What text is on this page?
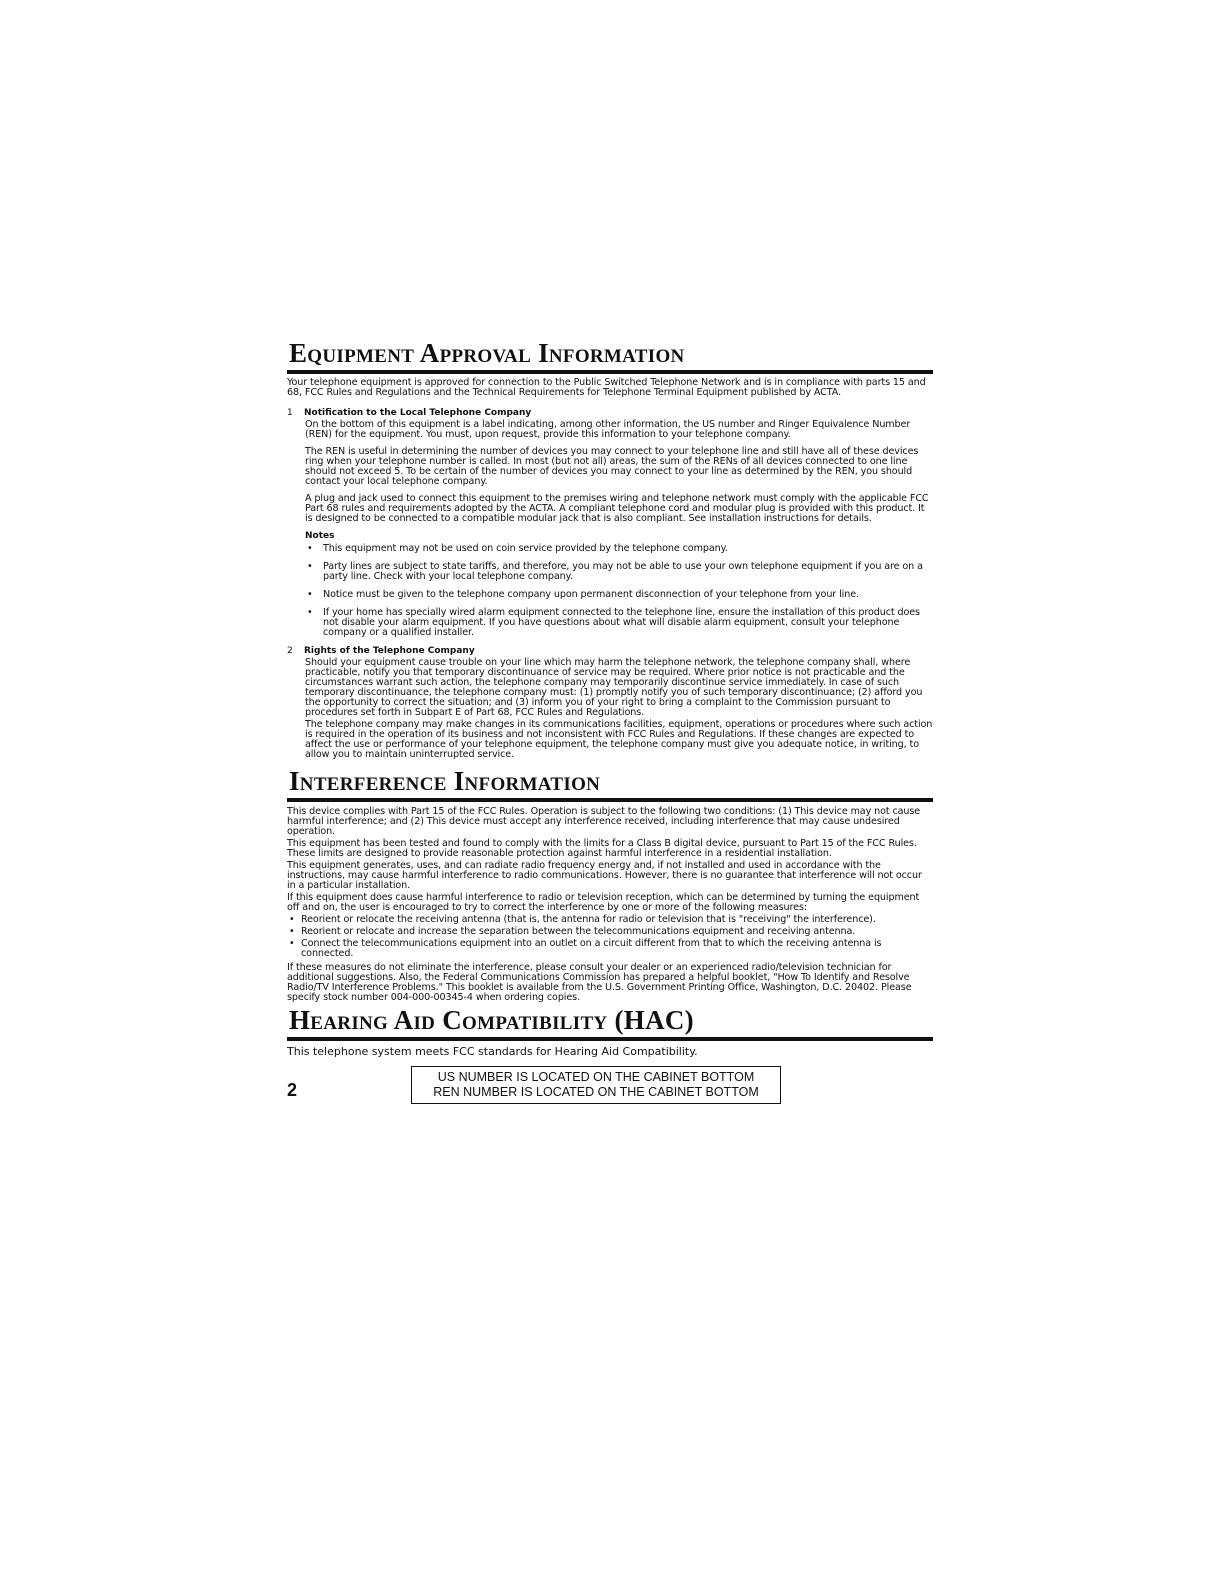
Equipment Approval Information

Your telephone equipment is approved for connection to the Public Switched Telephone Network and is in compliance with parts 15 and 68, FCC Rules and Regulations and the Technical Requirements for Telephone Terminal Equipment published by ACTA.

1 Notification to the Local Telephone Company

On the bottom of this equipment is a label indicating, among other information, the US number and Ringer Equivalence Number (REN) for the equipment. You must, upon request, provide this information to your telephone company.

The REN is useful in determining the number of devices you may connect to your telephone line and still have all of these devices ring when your telephone number is called. In most (but not all) areas, the sum of the RENs of all devices connected to one line should not exceed 5. To be certain of the number of devices you may connect to your line as determined by the REN, you should contact your local telephone company.

A plug and jack used to connect this equipment to the premises wiring and telephone network must comply with the applicable FCC Part 68 rules and requirements adopted by the ACTA. A compliant telephone cord and modular plug is provided with this product. It is designed to be connected to a compatible modular jack that is also compliant. See installation instructions for details.

Notes
• This equipment may not be used on coin service provided by the telephone company.
• Party lines are subject to state tariffs, and therefore, you may not be able to use your own telephone equipment if you are on a party line. Check with your local telephone company.
• Notice must be given to the telephone company upon permanent disconnection of your telephone from your line.
• If your home has specially wired alarm equipment connected to the telephone line, ensure the installation of this product does not disable your alarm equipment. If you have questions about what will disable alarm equipment, consult your telephone company or a qualified installer.
2 Rights of the Telephone Company

Should your equipment cause trouble on your line which may harm the telephone network, the telephone company shall, where practicable, notify you that temporary discontinuance of service may be required. Where prior notice is not practicable and the circumstances warrant such action, the telephone company may temporarily discontinue service immediately. In case of such temporary discontinuance, the telephone company must: (1) promptly notify you of such temporary discontinuance; (2) afford you the opportunity to correct the situation; and (3) inform you of your right to bring a complaint to the Commission pursuant to procedures set forth in Subpart E of Part 68, FCC Rules and Regulations.

The telephone company may make changes in its communications facilities, equipment, operations or procedures where such action is required in the operation of its business and not inconsistent with FCC Rules and Regulations. If these changes are expected to affect the use or performance of your telephone equipment, the telephone company must give you adequate notice, in writing, to allow you to maintain uninterrupted service.

Interference Information

This device complies with Part 15 of the FCC Rules. Operation is subject to the following two conditions: (1) This device may not cause harmful interference; and (2) This device must accept any interference received, including interference that may cause undesired operation.

This equipment has been tested and found to comply with the limits for a Class B digital device, pursuant to Part 15 of the FCC Rules. These limits are designed to provide reasonable protection against harmful interference in a residential installation.

This equipment generates, uses, and can radiate radio frequency energy and, if not installed and used in accordance with the instructions, may cause harmful interference to radio communications. However, there is no guarantee that interference will not occur in a particular installation.

If this equipment does cause harmful interference to radio or television reception, which can be determined by turning the equipment off and on, the user is encouraged to try to correct the interference by one or more of the following measures:

• Reorient or relocate the receiving antenna (that is, the antenna for radio or television that is "receiving" the interference).
• Reorient or relocate and increase the separation between the telecommunications equipment and receiving antenna.
• Connect the telecommunications equipment into an outlet on a circuit different from that to which the receiving antenna is connected.

If these measures do not eliminate the interference, please consult your dealer or an experienced radio/television technician for additional suggestions. Also, the Federal Communications Commission has prepared a helpful booklet, "How To Identify and Resolve Radio/TV Interference Problems." This booklet is available from the U.S. Government Printing Office, Washington, D.C. 20402. Please specify stock number 004-000-00345-4 when ordering copies.

Hearing Aid Compatibility (HAC)

This telephone system meets FCC standards for Hearing Aid Compatibility.

2
US NUMBER IS LOCATED ON THE CABINET BOTTOM
REN NUMBER IS LOCATED ON THE CABINET BOTTOM
